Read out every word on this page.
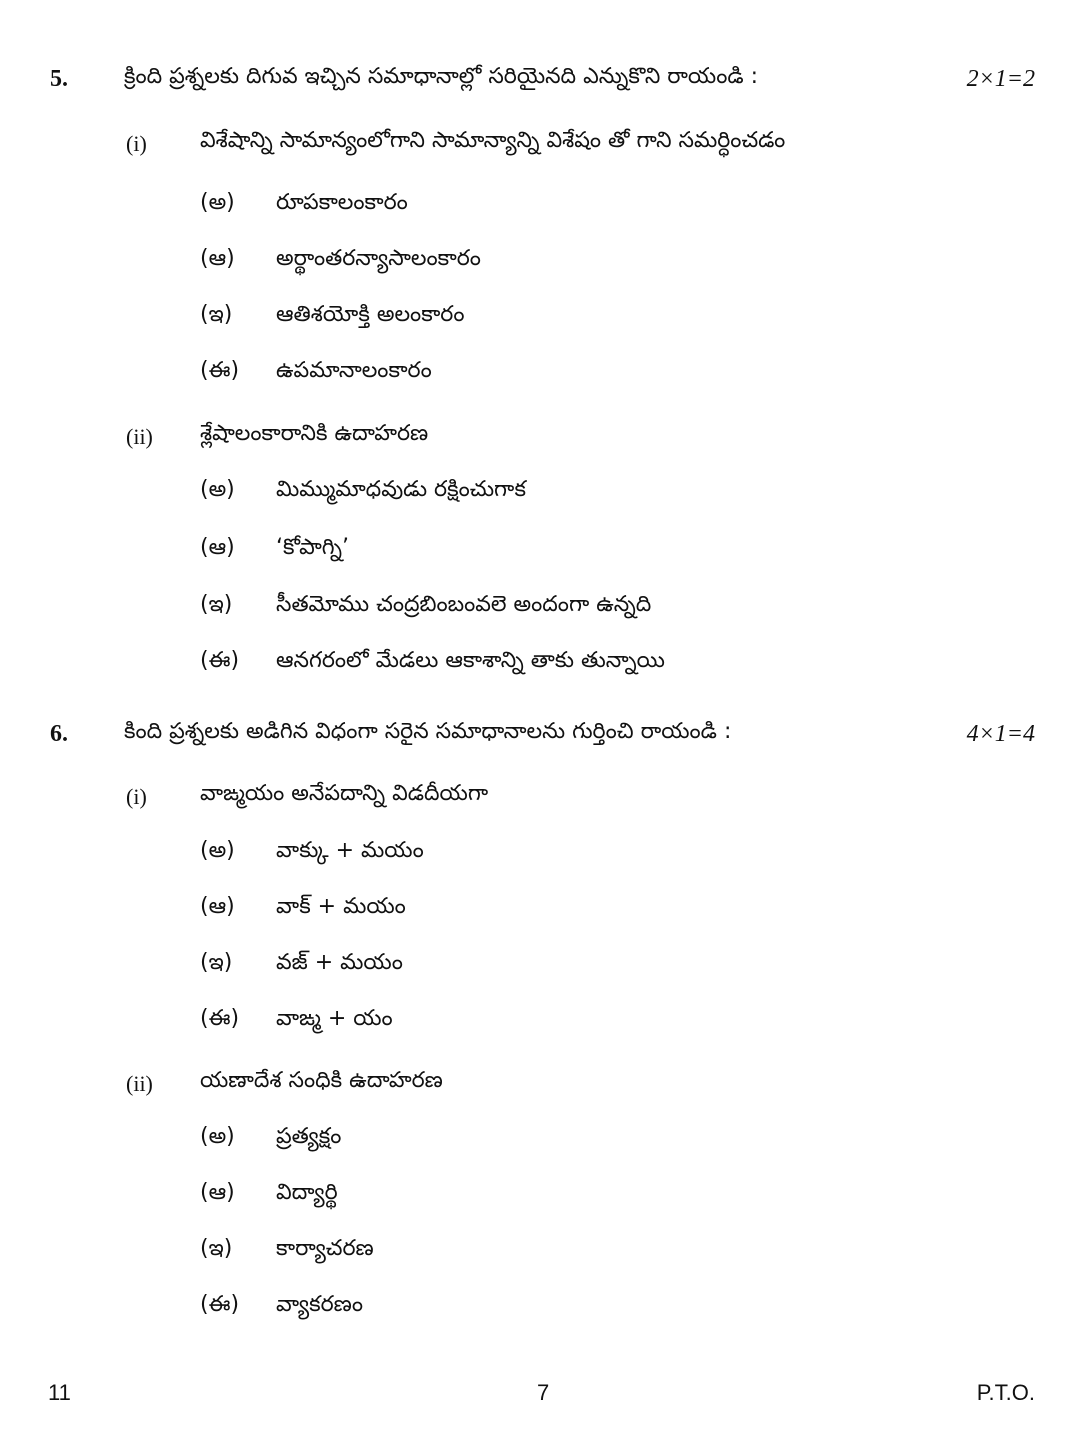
5.	క్రింది ప్రశ్నలకు దిగువ ఇచ్చిన సమాధానాల్లో సరియైనది ఎన్నుకొని రాయండి :	2×1=2
(i) విశేషాన్ని సామాన్యంలోగాని సామాన్యాన్ని విశేషం తో గాని సమర్ధించడం
(అ) రూపకాలంకారం
(ఆ) అర్థాంతరన్యాసాలంకారం
(ఇ) ఆతిశయోక్తి అలంకారం
(ఈ) ఉపమానాలంకారం
(ii) శ్లేషాలంకారానికి ఉదాహరణ
(అ) మిమ్ముమాధవుడు రక్షించుగాక
(ఆ) ‘కోపాగ్ని’
(ఇ) సీతమోము చంద్రబింబంవలె అందంగా ఉన్నది
(ఈ) ఆనగరంలో మేడలు ఆకాశాన్ని తాకు తున్నాయి
6.	కింది ప్రశ్నలకు అడిగిన విధంగా సరైన సమాధానాలను గుర్తించి రాయండి :	4×1=4
(i) వాఙ్మయం అనేపదాన్ని విడదీయగా
(అ) వాక్కు + మయం
(ఆ) వాక్ + మయం
(ఇ) వజ్ + మయం
(ఈ) వాఙ్మ + యం
(ii) యణాదేశ సంధికి ఉదాహరణ
(అ) ప్రత్యక్షం
(ఆ) విద్యార్థి
(ఇ) కార్యాచరణ
(ఈ) వ్యాకరణం
11	7	P.T.O.
